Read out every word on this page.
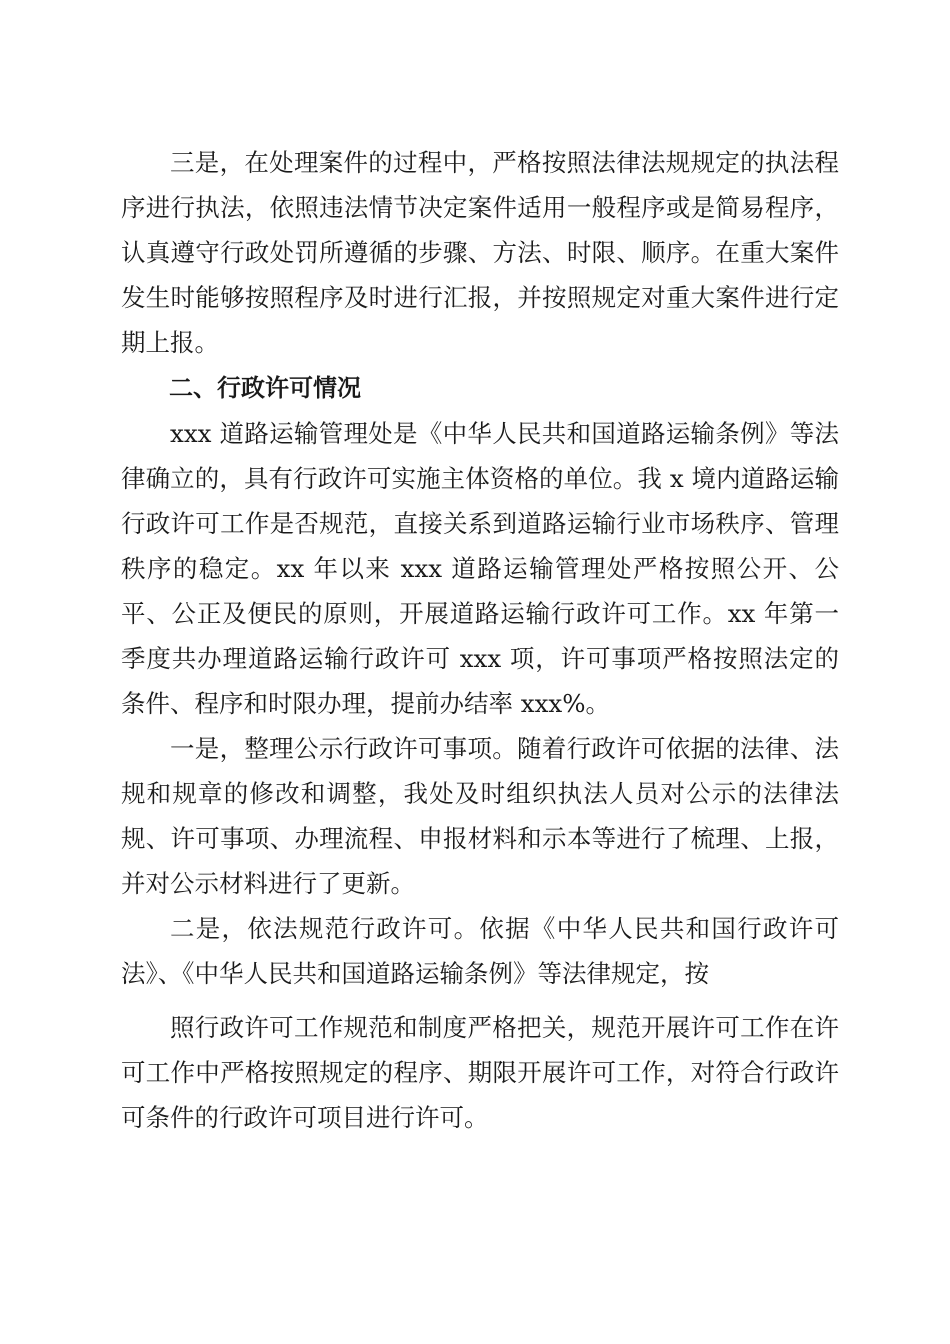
三是，在处理案件的过程中，严格按照法律法规规定的执法程序进行执法，依照违法情节决定案件适用一般程序或是简易程序，认真遵守行政处罚所遵循的步骤、方法、时限、顺序。在重大案件发生时能够按照程序及时进行汇报，并按照规定对重大案件进行定期上报。

二、行政许可情况

xxx 道路运输管理处是《中华人民共和国道路运输条例》等法律确立的，具有行政许可实施主体资格的单位。我 x 境内道路运输行政许可工作是否规范，直接关系到道路运输行业市场秩序、管理秩序的稳定。xx 年以来 xxx 道路运输管理处严格按照公开、公平、公正及便民的原则，开展道路运输行政许可工作。xx 年第一季度共办理道路运输行政许可 xxx 项，许可事项严格按照法定的条件、程序和时限办理，提前办结率 xxx%。

一是，整理公示行政许可事项。随着行政许可依据的法律、法规和规章的修改和调整，我处及时组织执法人员对公示的法律法规、许可事项、办理流程、申报材料和示本等进行了梳理、上报，并对公示材料进行了更新。

二是，依法规范行政许可。依据《中华人民共和国行政许可法》、《中华人民共和国道路运输条例》等法律规定，按

照行政许可工作规范和制度严格把关，规范开展许可工作在许可工作中严格按照规定的程序、期限开展许可工作，对符合行政许可条件的行政许可项目进行许可。
